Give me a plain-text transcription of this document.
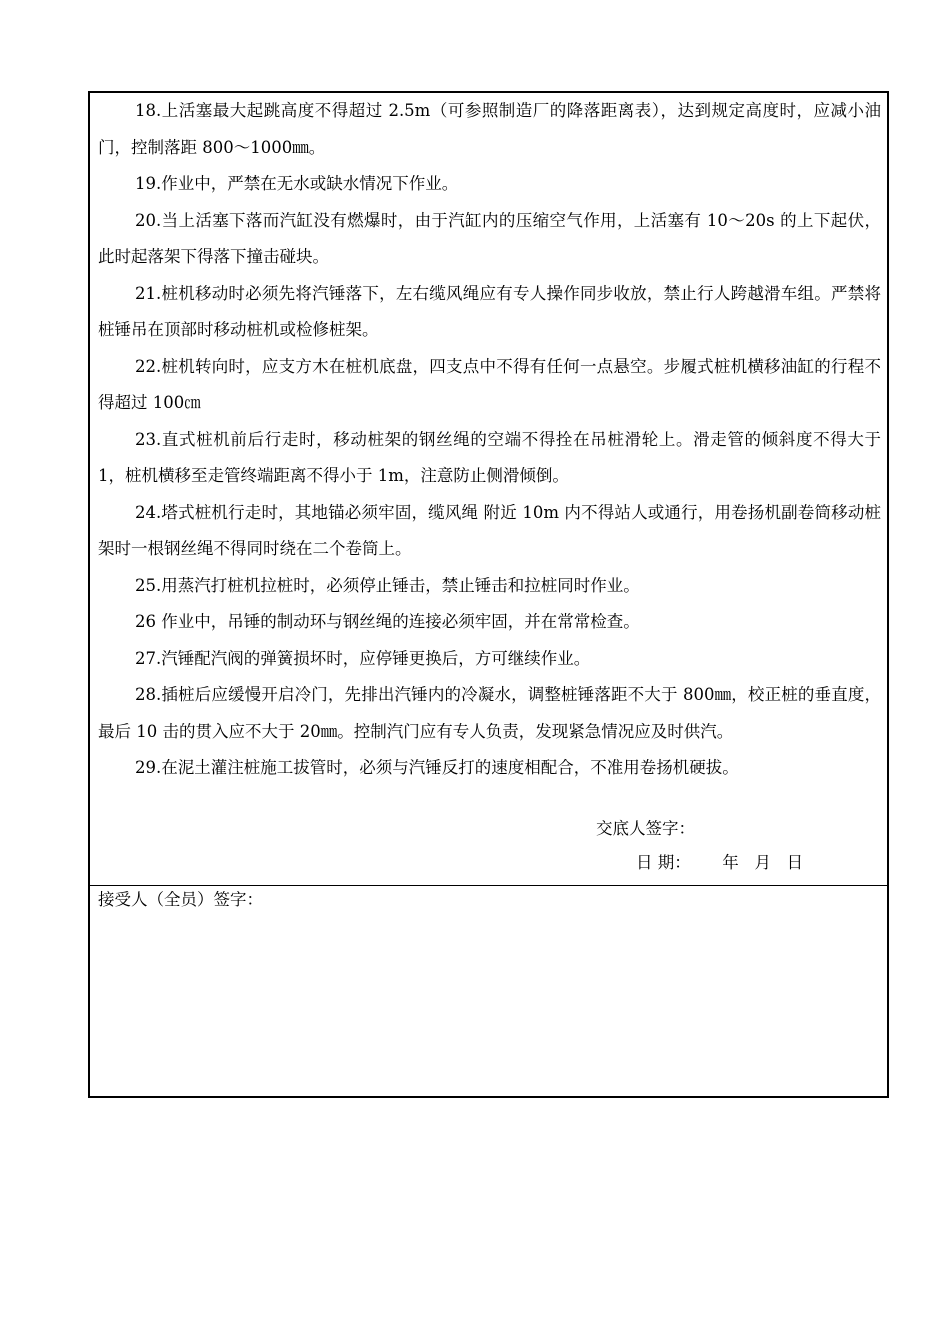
18.上活塞最大起跳高度不得超过 2.5m（可参照制造厂的降落距离表），达到规定高度时，应减小油门，控制落距 800～1000㎜。

19.作业中，严禁在无水或缺水情况下作业。

20.当上活塞下落而汽缸没有燃爆时，由于汽缸内的压缩空气作用，上活塞有 10～20s 的上下起伏，此时起落架下得落下撞击碰块。

21.桩机移动时必须先将汽锤落下，左右缆风绳应有专人操作同步收放，禁止行人跨越滑车组。严禁将桩锤吊在顶部时移动桩机或检修桩架。

22.桩机转向时，应支方木在桩机底盘，四支点中不得有任何一点悬空。步履式桩机横移油缸的行程不得超过 100㎝

23.直式桩机前后行走时，移动桩架的钢丝绳的空端不得拴在吊桩滑轮上。滑走管的倾斜度不得大于 1，桩机横移至走管终端距离不得小于 1m，注意防止侧滑倾倒。

24.塔式桩机行走时，其地锚必须牢固，缆风绳 附近 10m 内不得站人或通行，用卷扬机副卷筒移动桩架时一根钢丝绳不得同时绕在二个卷筒上。

25.用蒸汽打桩机拉桩时，必须停止锤击，禁止锤击和拉桩同时作业。

26 作业中，吊锤的制动环与钢丝绳的连接必须牢固，并在常常检查。

27.汽锤配汽阀的弹簧损坏时，应停锤更换后，方可继续作业。

28.插桩后应缓慢开启冷门，先排出汽锤内的冷凝水，调整桩锤落距不大于 800㎜，校正桩的垂直度，最后 10 击的贯入应不大于 20㎜。控制汽门应有专人负责，发现紧急情况应及时供汽。

29.在泥土灌注桩施工拔管时，必须与汽锤反打的速度相配合，不准用卷扬机硬拔。

交底人签字：
日 期：      年   月   日

接受人（全员）签字：
